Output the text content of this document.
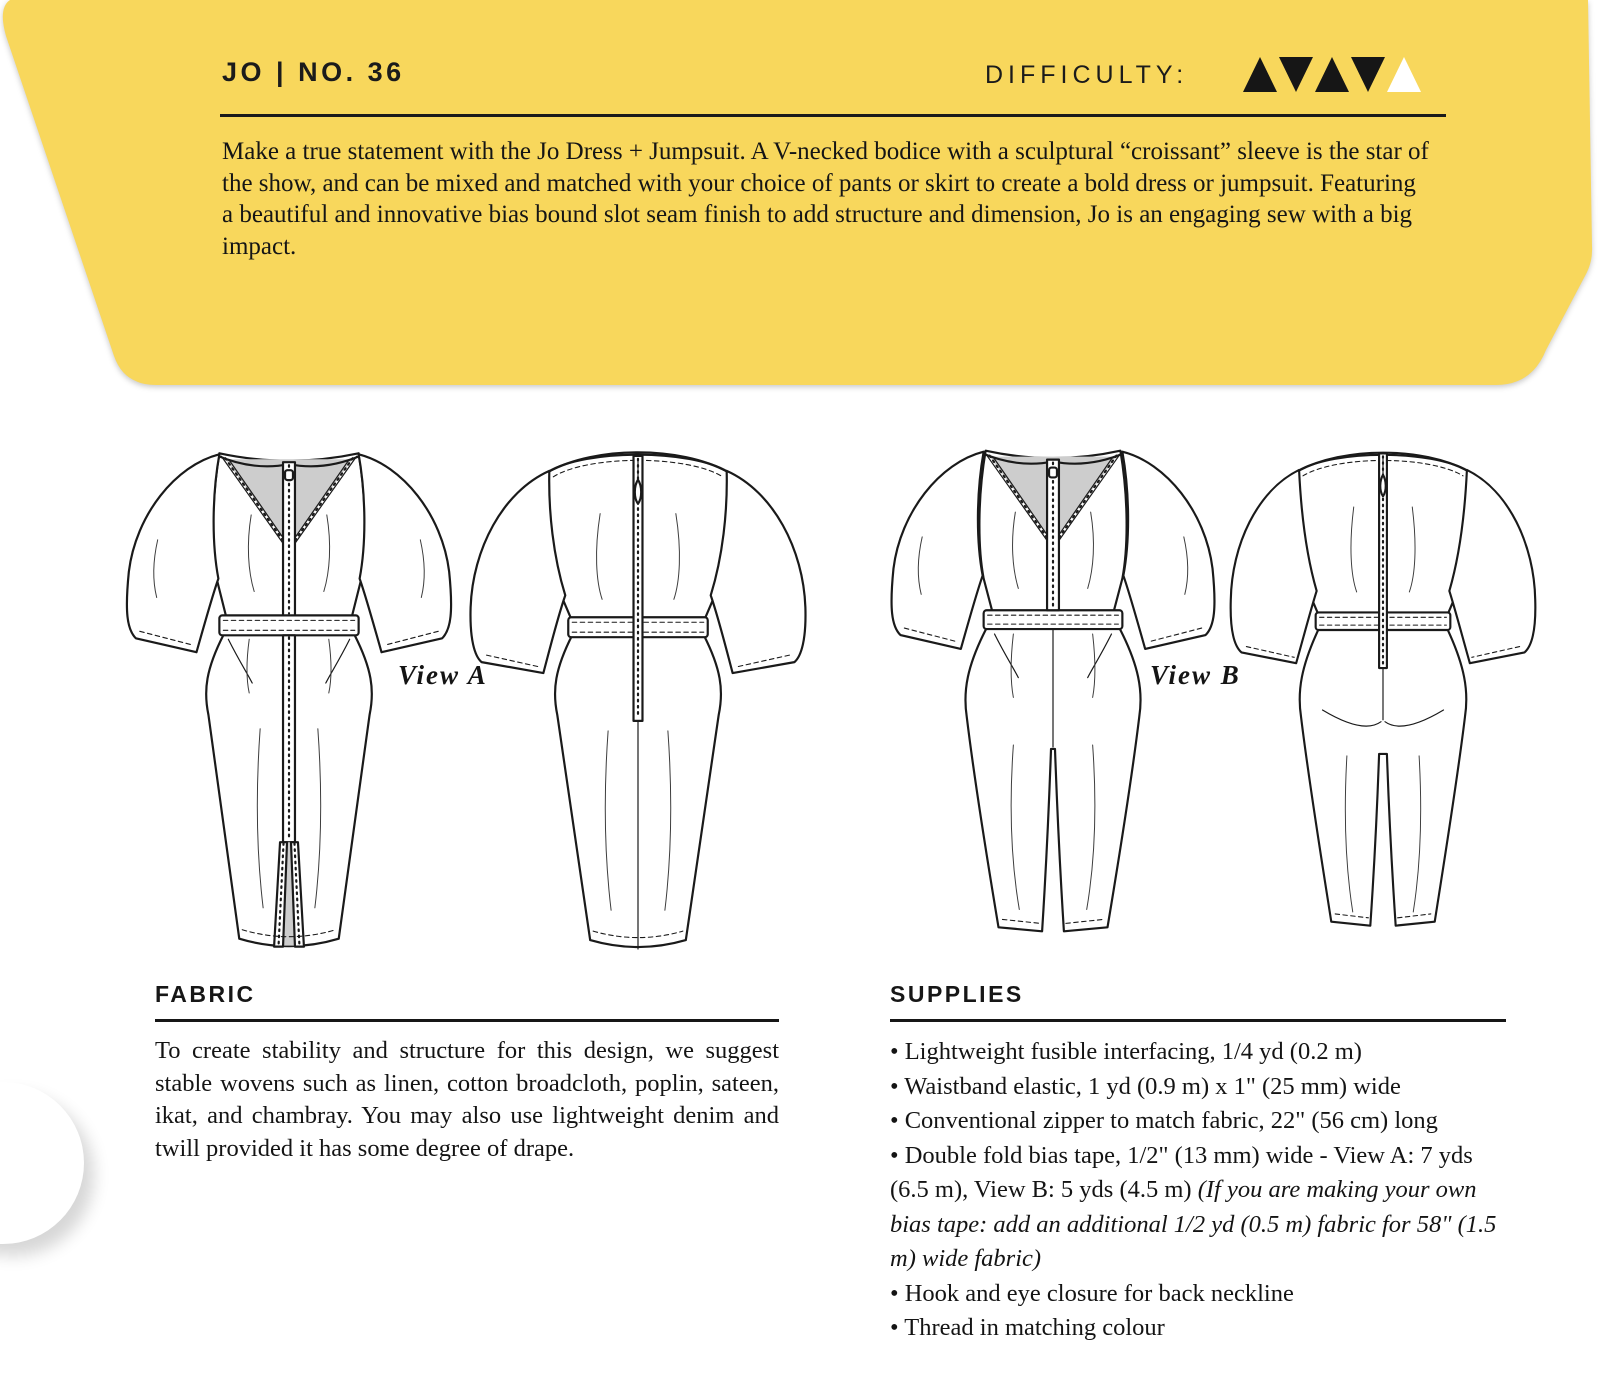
JO | NO. 36	DIFFICULTY:
Make a true statement with the Jo Dress + Jumpsuit. A V-necked bodice with a sculptural “croissant” sleeve is the star of the show, and can be mixed and matched with your choice of pants or skirt to create a bold dress or jumpsuit. Featuring a beautiful and innovative bias bound slot seam finish to add structure and dimension, Jo is an engaging sew with a big impact.
View A	View B
FABRIC
To create stability and structure for this design, we suggest stable wovens such as linen, cotton broadcloth, poplin, sateen, ikat, and chambray. You may also use lightweight denim and twill provided it has some degree of drape.
SUPPLIES
• Lightweight fusible interfacing, 1/4 yd (0.2 m)
• Waistband elastic, 1 yd (0.9 m) x 1" (25 mm) wide
• Conventional zipper to match fabric, 22" (56 cm) long
• Double fold bias tape, 1/2" (13 mm) wide - View A: 7 yds (6.5 m), View B: 5 yds (4.5 m) (If you are making your own bias tape: add an additional 1/2 yd (0.5 m) fabric for 58" (1.5 m) wide fabric)
• Hook and eye closure for back neckline
• Thread in matching colour
